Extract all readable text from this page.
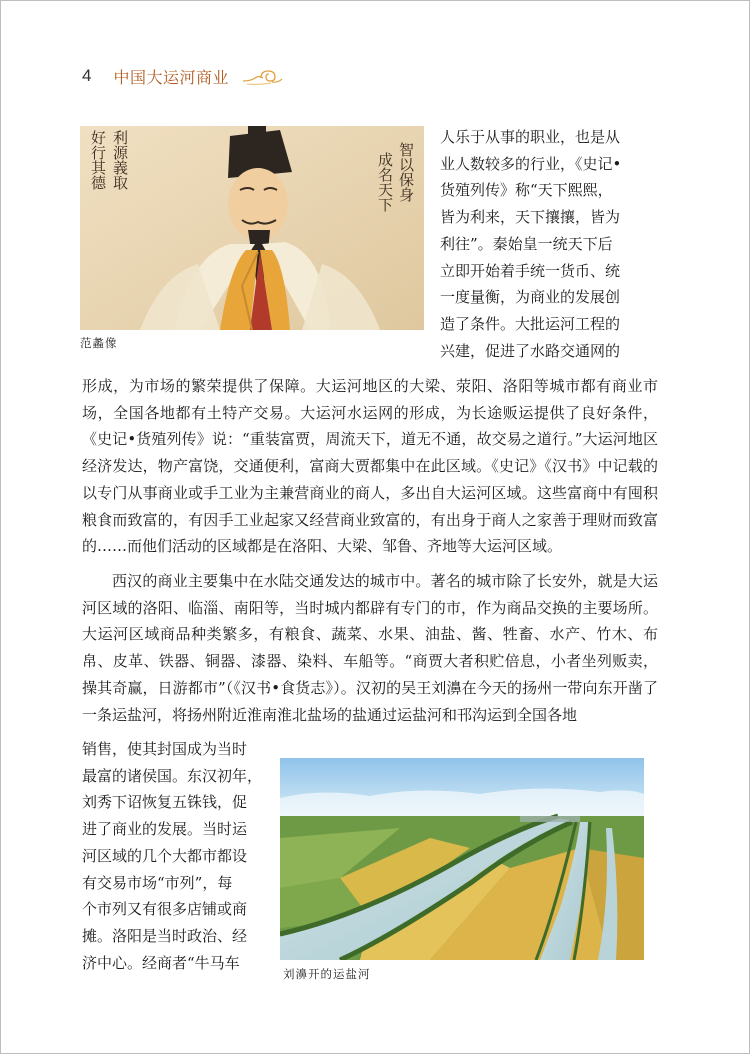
4 中国大运河商业
智以保身
成名天下
利源義取
好行其德
范蠡像
人乐于从事的职业，也是从
业人数较多的行业，《史记•
货殖列传》称“天下熙熙，
皆为利来，天下攘攘，皆为
利往”。秦始皇一统天下后
立即开始着手统一货币、统
一度量衡，为商业的发展创
造了条件。大批运河工程的
兴建，促进了水路交通网的
形成，为市场的繁荣提供了保障。大运河地区的大梁、荥阳、洛阳等城市都有商业市场，全国各地都有土特产交易。大运河水运网的形成，为长途贩运提供了良好条件，《史记•货殖列传》说：“重装富贾，周流天下，道无不通，故交易之道行。”大运河地区经济发达，物产富饶，交通便利，富商大贾都集中在此区域。《史记》《汉书》中记载的以专门从事商业或手工业为主兼营商业的商人，多出自大运河区域。这些富商中有囤积粮食而致富的，有因手工业起家又经营商业致富的，有出身于商人之家善于理财而致富的……而他们活动的区域都是在洛阳、大梁、邹鲁、齐地等大运河区域。
西汉的商业主要集中在水陆交通发达的城市中。著名的城市除了长安外，就是大运河区域的洛阳、临淄、南阳等，当时城内都辟有专门的市，作为商品交换的主要场所。大运河区域商品种类繁多，有粮食、蔬菜、水果、油盐、酱、牲畜、水产、竹木、布帛、皮革、铁器、铜器、漆器、染料、车船等。“商贾大者积贮倍息，小者坐列贩卖，操其奇赢，日游都市”（《汉书•食货志》）。汉初的吴王刘濞在今天的扬州一带向东开凿了一条运盐河，将扬州附近淮南淮北盐场的盐通过运盐河和邗沟运到全国各地
销售，使其封国成为当时
最富的诸侯国。东汉初年，
刘秀下诏恢复五铢钱，促
进了商业的发展。当时运
河区域的几个大都市都设
有交易市场“市列”，每
个市列又有很多店铺或商
摊。洛阳是当时政治、经
济中心。经商者“牛马车
刘濞开的运盐河
